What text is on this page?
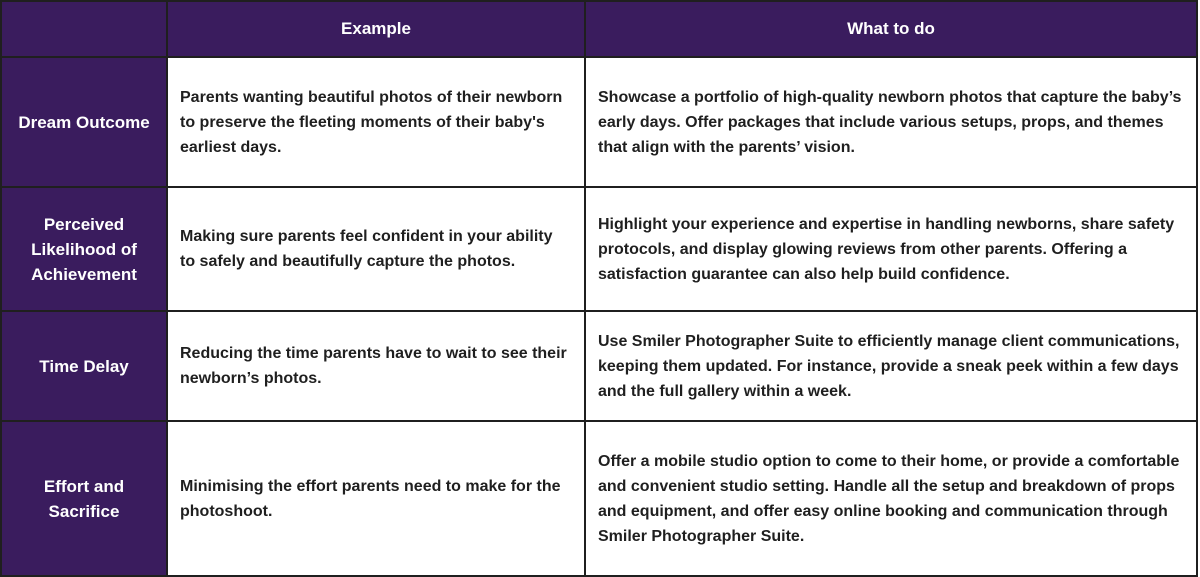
	Example	What to do
Dream Outcome	Parents wanting beautiful photos of their newborn to preserve the fleeting moments of their baby's earliest days.	Showcase a portfolio of high-quality newborn photos that capture the baby’s early days. Offer packages that include various setups, props, and themes that align with the parents’ vision.
Perceived Likelihood of Achievement	Making sure parents feel confident in your ability to safely and beautifully capture the photos.	Highlight your experience and expertise in handling newborns, share safety protocols, and display glowing reviews from other parents. Offering a satisfaction guarantee can also help build confidence.
Time Delay	Reducing the time parents have to wait to see their newborn’s photos.	Use Smiler Photographer Suite to efficiently manage client communications, keeping them updated. For instance, provide a sneak peek within a few days and the full gallery within a week.
Effort and Sacrifice	Minimising the effort parents need to make for the photoshoot.	Offer a mobile studio option to come to their home, or provide a comfortable and convenient studio setting. Handle all the setup and breakdown of props and equipment, and offer easy online booking and communication through Smiler Photographer Suite.
